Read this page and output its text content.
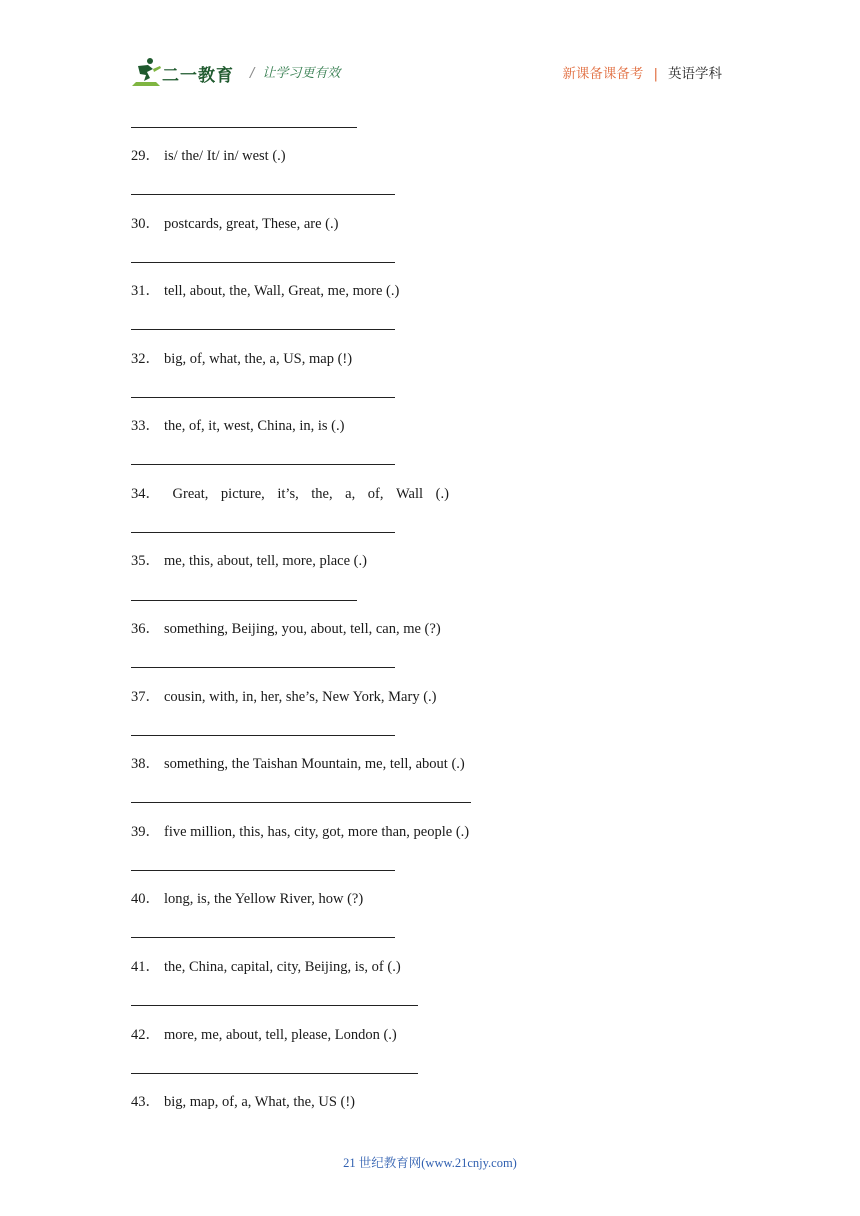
二一教育 / 让学习更有效	新课备课备考 | 英语学科
29． is/ the/ It/ in/ west (.)
30． postcards, great, These, are (.)
31． tell, about, the, Wall, Great, me, more (.)
32． big, of, what, the, a, US, map (!)
33． the, of, it, west, China, in, is (.)
34． Great, picture, it’s, the, a, of, Wall (.)
35． me, this, about, tell, more, place (.)
36． something, Beijing, you, about, tell, can, me (?)
37． cousin, with, in, her, she’s, New York, Mary (.)
38． something, the Taishan Mountain, me, tell, about (.)
39． five million, this, has, city, got, more than, people (.)
40． long, is, the Yellow River, how (?)
41． the, China, capital, city, Beijing, is, of (.)
42． more, me, about, tell, please, London (.)
43． big, map, of, a, What, the, US (!)
21 世纪教育网(www.21cnjy.com)
